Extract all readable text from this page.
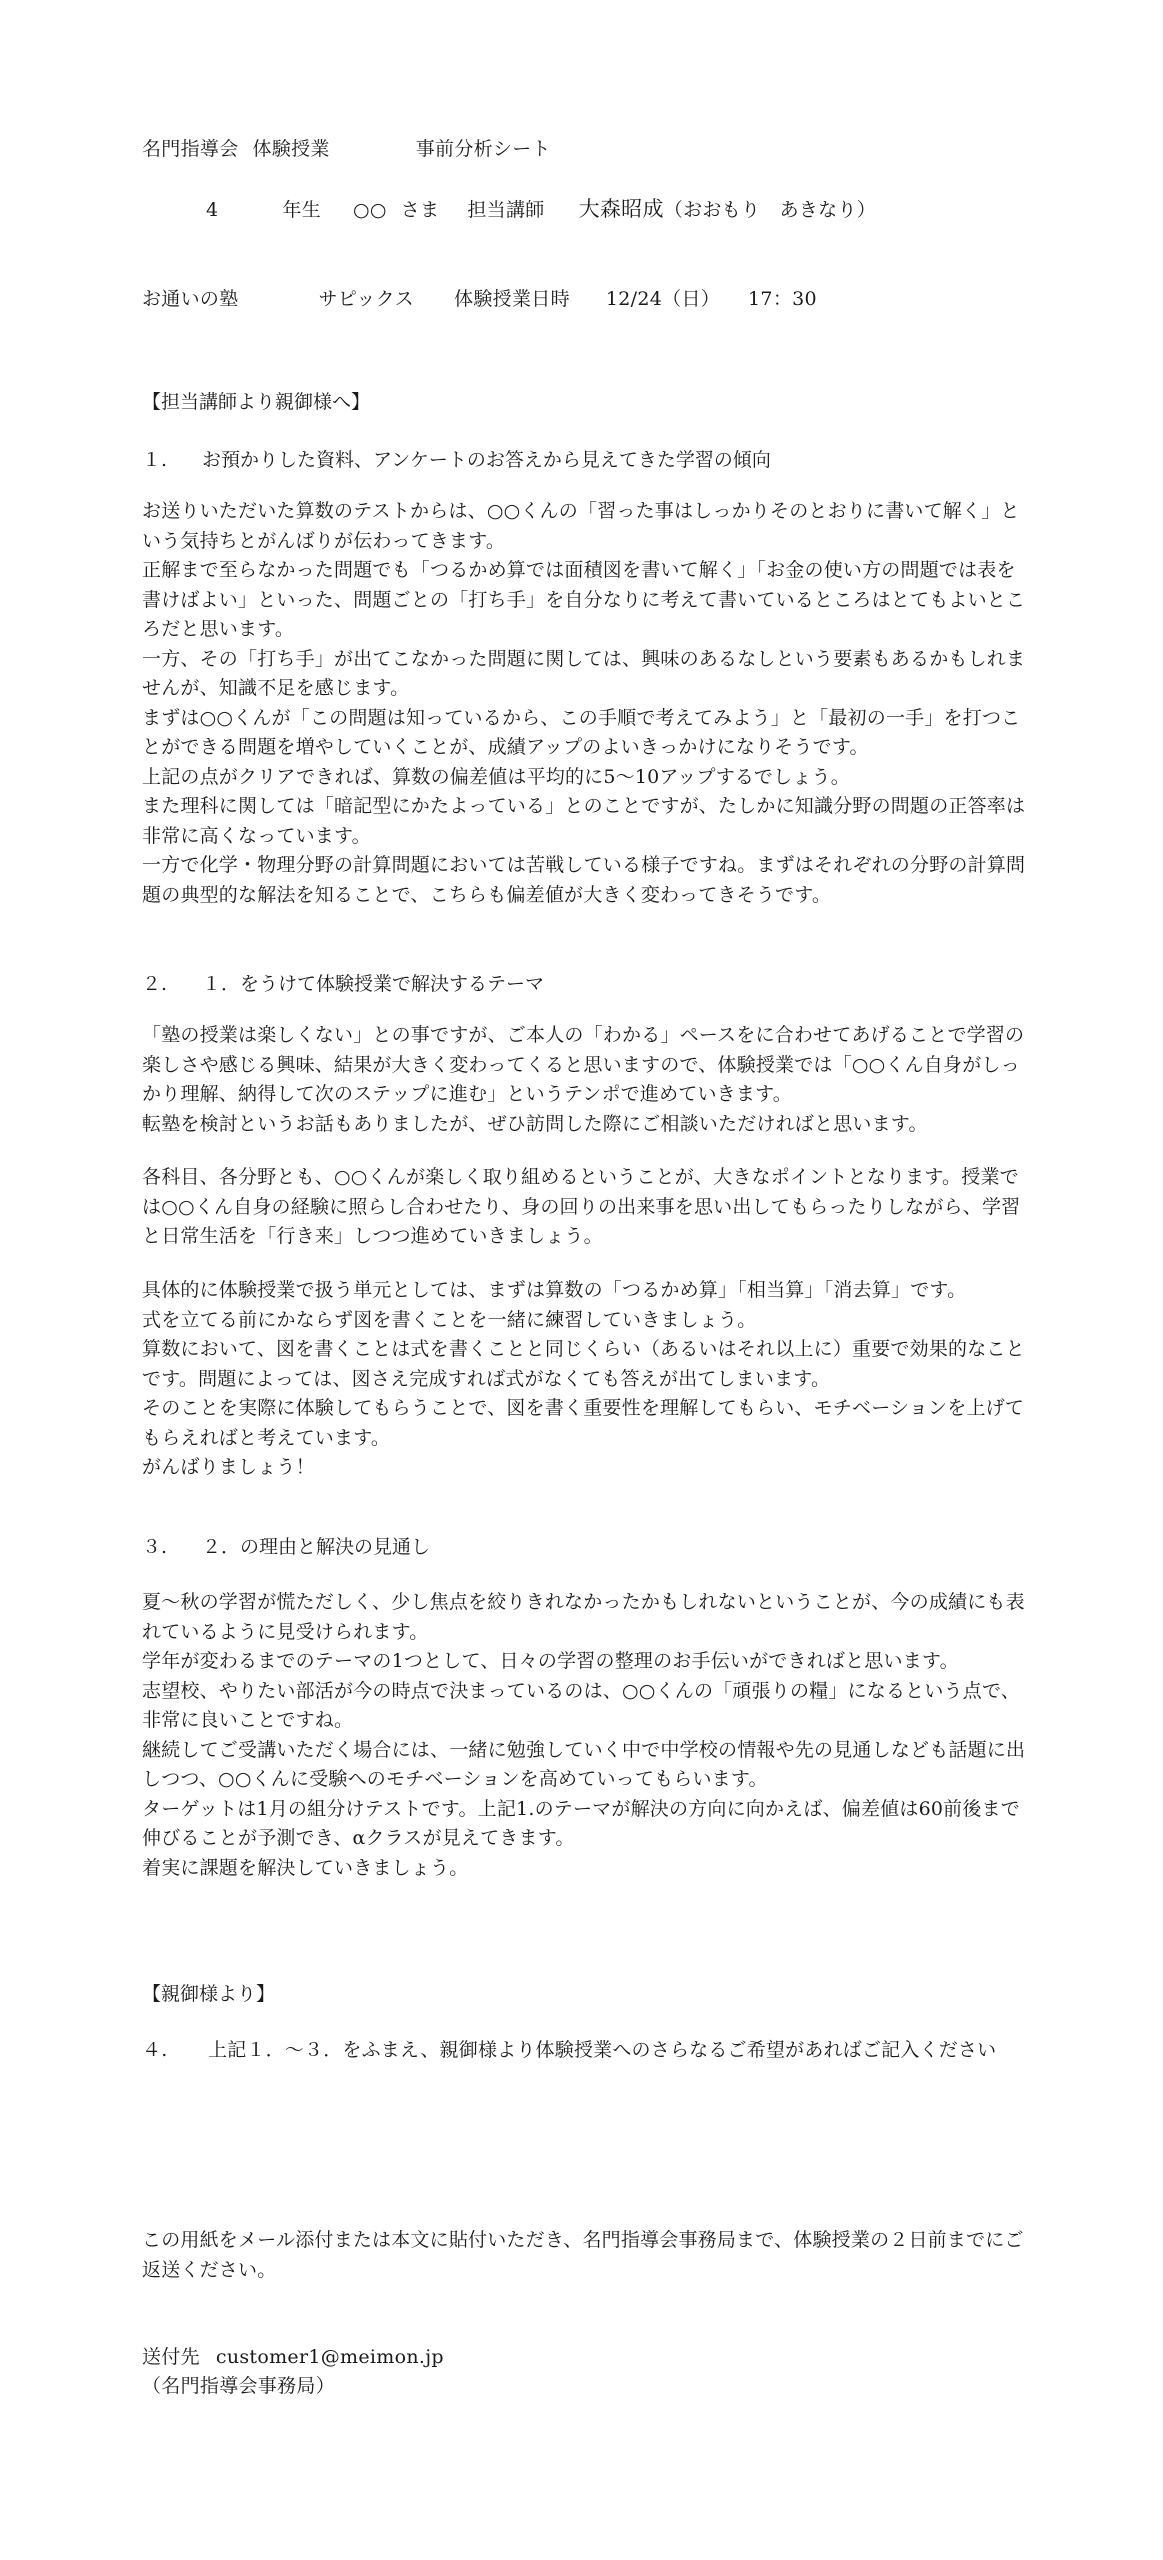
名門指導会 体験授業	事前分析シート
4	年生 ○○ さま 担当講師 大森昭成（おおもり　あきなり）
お通いの塾	サピックス 体験授業日時 12/24（日） 17：30
【担当講師より親御様へ】
１. お預かりした資料、アンケートのお答えから見えてきた学習の傾向

お送りいただいた算数のテストからは、○○くんの「習った事はしっかりそのとおりに書いて解く」という気持ちとがんばりが伝わってきます。

正解まで至らなかった問題でも「つるかめ算では面積図を書いて解く」「お金の使い方の問題では表を書けばよい」といった、問題ごとの「打ち手」を自分なりに考えて書いているところはとてもよいところだと思います。

一方、その「打ち手」が出てこなかった問題に関しては、興味のあるなしという要素もあるかもしれませんが、知識不足を感じます。

まずは○○くんが「この問題は知っているから、この手順で考えてみよう」と「最初の一手」を打つことができる問題を増やしていくことが、成績アップのよいきっかけになりそうです。

上記の点がクリアできれば、算数の偏差値は平均的に5〜10アップするでしょう。

また理科に関しては「暗記型にかたよっている」とのことですが、たしかに知識分野の問題の正答率は非常に高くなっています。

一方で化学・物理分野の計算問題においては苦戦している様子ですね。まずはそれぞれの分野の計算問題の典型的な解法を知ることで、こちらも偏差値が大きく変わってきそうです。

２. １．をうけて体験授業で解決するテーマ

「塾の授業は楽しくない」との事ですが、ご本人の「わかる」ペースをに合わせてあげることで学習の楽しさや感じる興味、結果が大きく変わってくると思いますので、体験授業では「○○くん自身がしっかり理解、納得して次のステップに進む」というテンポで進めていきます。

転塾を検討というお話もありましたが、ぜひ訪問した際にご相談いただければと思います。

各科目、各分野とも、○○くんが楽しく取り組めるということが、大きなポイントとなります。授業では○○くん自身の経験に照らし合わせたり、身の回りの出来事を思い出してもらったりしながら、学習と日常生活を「行き来」しつつ進めていきましょう。

具体的に体験授業で扱う単元としては、まずは算数の「つるかめ算」「相当算」「消去算」です。

式を立てる前にかならず図を書くことを一緒に練習していきましょう。

算数において、図を書くことは式を書くことと同じくらい（あるいはそれ以上に）重要で効果的なことです。問題によっては、図さえ完成すれば式がなくても答えが出てしまいます。

そのことを実際に体験してもらうことで、図を書く重要性を理解してもらい、モチベーションを上げてもらえればと考えています。

がんばりましょう！

３. ２．の理由と解決の見通し

夏〜秋の学習が慌ただしく、少し焦点を絞りきれなかったかもしれないということが、今の成績にも表れているように見受けられます。

学年が変わるまでのテーマの1つとして、日々の学習の整理のお手伝いができればと思います。

志望校、やりたい部活が今の時点で決まっているのは、○○くんの「頑張りの糧」になるという点で、非常に良いことですね。

継続してご受講いただく場合には、一緒に勉強していく中で中学校の情報や先の見通しなども話題に出しつつ、○○くんに受験へのモチベーションを高めていってもらいます。

ターゲットは1月の組分けテストです。上記1.のテーマが解決の方向に向かえば、偏差値は60前後まで伸びることが予測でき、αクラスが見えてきます。

着実に課題を解決していきましょう。

【親御様より】

４. 上記１．〜３．をふまえ、親御様より体験授業へのさらなるご希望があればご記入ください

この用紙をメール添付または本文に貼付いただき、名門指導会事務局まで、体験授業の２日前までにご返送ください。

送付先 customer1@meimon.jp
（名門指導会事務局）
